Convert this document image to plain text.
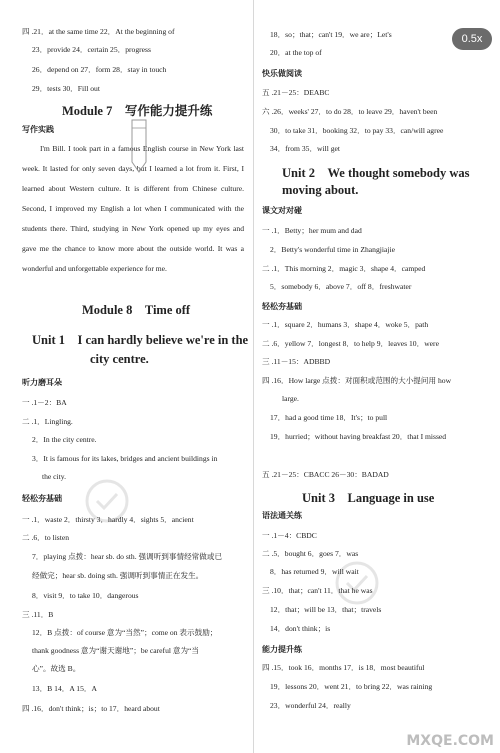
四 .21．at the same time 22．At the beginning of
23．provide 24．certain 25．progress
26．depend on 27．form 28．stay in touch
29．tests 30．Fill out
Module 7　写作能力提升练
写作实践
I'm Bill. I took part in a famous English course in New York last week. It lasted for only seven days, but I learned a lot from it. First, I learned about Western culture. It is different from Chinese culture. Second, I improved my English a lot when I communicated with the students there. Third, studying in New York opened up my eyes and gave me the chance to know more about the outside world. It was a wonderful and unforgettable experience for me.
Module 8　Time off
Unit 1　I can hardly believe we're in the
city centre.
听力磨耳朵
一 .1－2：BA
二 .1．Lingling.
2．In the city centre.
3．It is famous for its lakes, bridges and ancient buildings in
the city.
轻松夯基础
一 .1．waste 2．thirsty 3．hardly 4．sights 5．ancient
二 .6．to listen
7．playing 点拨：hear sb. do sth. 强调听到事情经常做或已
经做完；hear sb. doing sth. 强调听到事情正在发生。
8．visit 9．to take 10．dangerous
三 .11．B
12．B 点拨：of course 意为“当然”；come on 表示鼓励；
thank goodness 意为“谢天谢地”；be careful 意为“当
心”。故选 B。
13．B 14．A 15．A
四 .16．don't think；is；to 17．heard about
18．so；that；can't 19．we are；Let's
20．at the top of
快乐做阅读
五 .21－25：DEABC
六 .26．weeks' 27．to do 28．to leave 29．haven't been
30．to take 31．booking 32．to pay 33．can/will agree
34．from 35．will get
Unit 2　We thought somebody was
moving about.
课文对对碰
一 .1．Betty；her mum and dad
2．Betty's wonderful time in Zhangjiajie
二 .1．This morning 2．magic 3．shape 4．camped
5．somebody 6．above 7．off 8．freshwater
轻松夯基础
一 .1．square 2．humans 3．shape 4．woke 5．path
二 .6．yellow 7．longest 8．to help 9．leaves 10．were
三 .11－15：ADBBD
四 .16．How large 点拨：对面积或范围的大小提问用 how
large.
17．had a good time 18．It's；to pull
19．hurried；without having breakfast 20．that I missed
五 .21－25：CBACC 26－30：BADAD
Unit 3　Language in use
语法通关练
一 .1－4：CBDC
二 .5．bought 6．goes 7．was
8．has returned 9．will wait
三 .10．that；can't 11．that he was
12．that；will be 13．that；travels
14．don't think；is
能力提升练
四 .15．took 16．months 17．is 18．most beautiful
19．lessons 20．went 21．to bring 22．was raining
23．wonderful 24．really
0.5x
MXQE.COM
